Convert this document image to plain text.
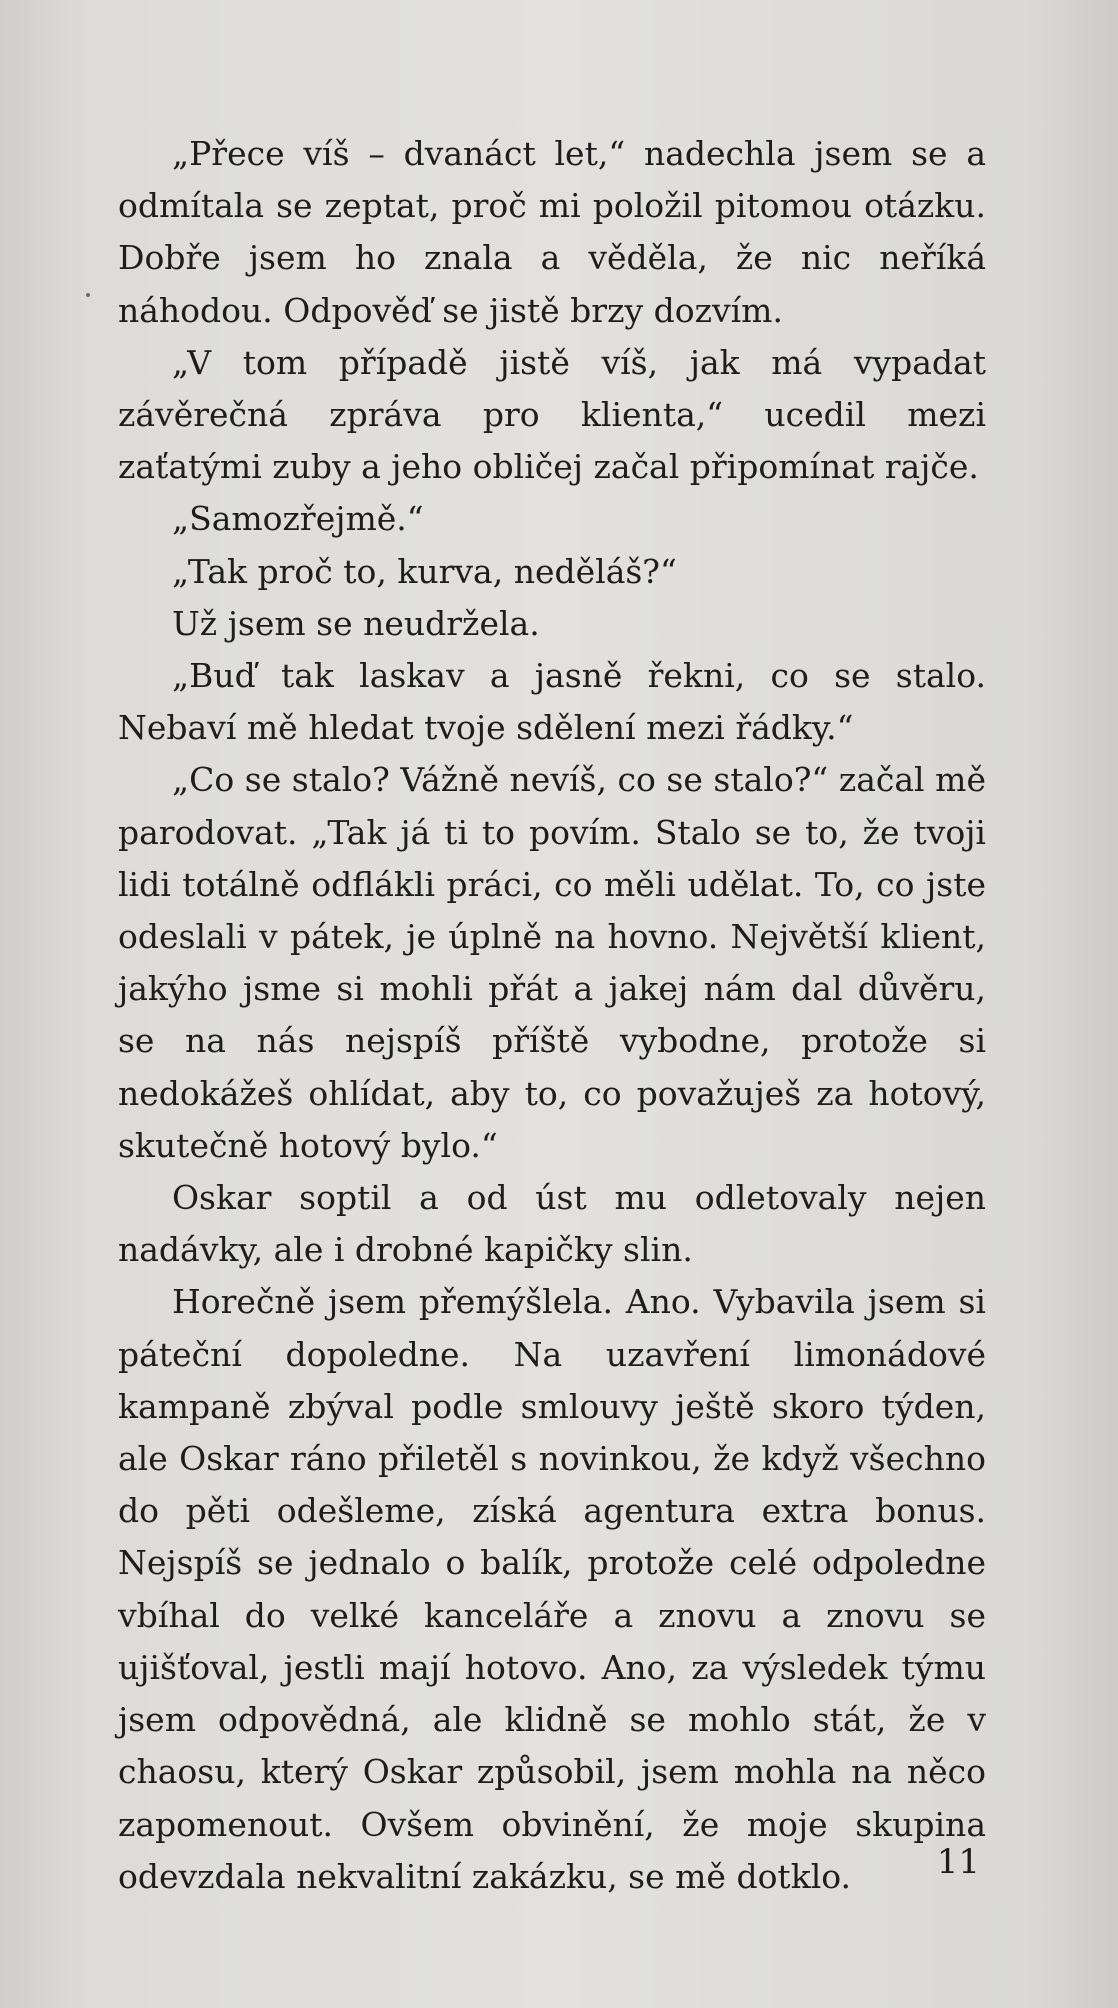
„Přece víš – dvanáct let,“ nadechla jsem se a odmítala se zeptat, proč mi položil pitomou otázku. Dobře jsem ho znala a věděla, že nic neříká náhodou. Odpověď se jistě brzy dozvím.

„V tom případě jistě víš, jak má vypadat závěrečná zpráva pro klienta,“ ucedil mezi zaťatými zuby a jeho obličej začal připomínat rajče.

„Samozřejmě.“

„Tak proč to, kurva, neděláš?“

Už jsem se neudržela.

„Buď tak laskav a jasně řekni, co se stalo. Nebaví mě hledat tvoje sdělení mezi řádky.“

„Co se stalo? Vážně nevíš, co se stalo?“ začal mě parodovat. „Tak já ti to povím. Stalo se to, že tvoji lidi totálně odflákli práci, co měli udělat. To, co jste odeslali v pátek, je úplně na hovno. Největší klient, jakýho jsme si mohli přát a jakej nám dal důvěru, se na nás nejspíš příště vybodne, protože si nedokážeš ohlídat, aby to, co považuješ za hotový, skutečně hotový bylo.“

Oskar soptil a od úst mu odletovaly nejen nadávky, ale i drobné kapičky slin.

Horečně jsem přemýšlela. Ano. Vybavila jsem si páteční dopoledne. Na uzavření limonádové kampaně zbýval podle smlouvy ještě skoro týden, ale Oskar ráno přiletěl s novinkou, že když všechno do pěti odešleme, získá agentura extra bonus. Nejspíš se jednalo o balík, protože celé odpoledne vbíhal do velké kanceláře a znovu a znovu se ujišťoval, jestli mají hotovo. Ano, za výsledek týmu jsem odpovědná, ale klidně se mohlo stát, že v chaosu, který Oskar způsobil, jsem mohla na něco zapomenout. Ovšem obvinění, že moje skupina odevzdala nekvalitní zakázku, se mě dotklo.	11
